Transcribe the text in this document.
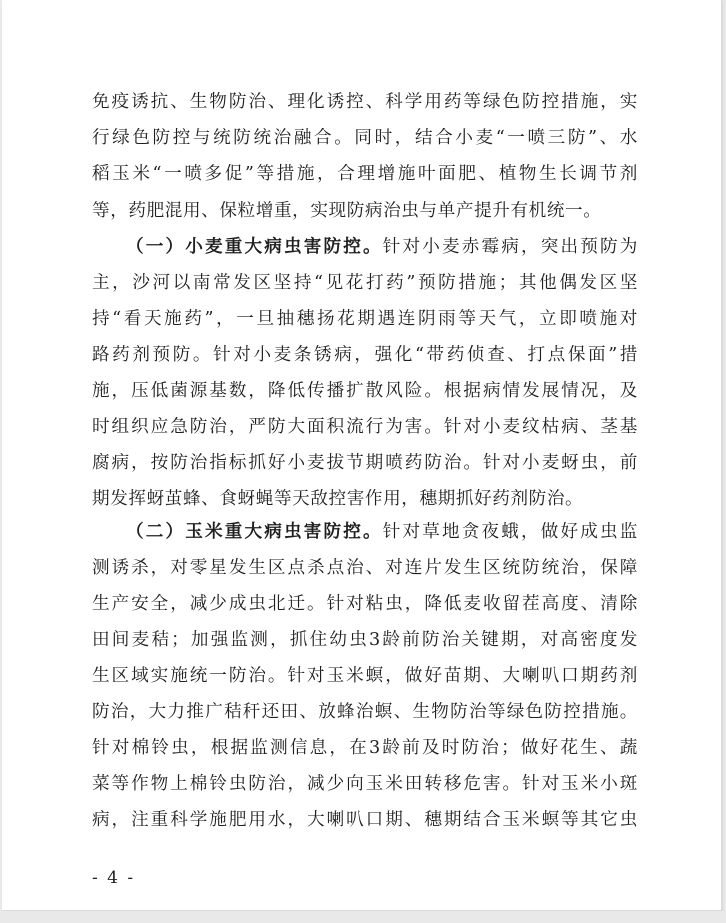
免疫诱抗、生物防治、理化诱控、科学用药等绿色防控措施，实
行绿色防控与统防统治融合。同时，结合小麦“一喷三防”、水
稻玉米“一喷多促”等措施，合理增施叶面肥、植物生长调节剂
等，药肥混用、保粒增重，实现防病治虫与单产提升有机统一。
（一）小麦重大病虫害防控。针对小麦赤霉病，突出预防为
主，沙河以南常发区坚持“见花打药”预防措施；其他偶发区坚
持“看天施药”，一旦抽穗扬花期遇连阴雨等天气，立即喷施对
路药剂预防。针对小麦条锈病，强化“带药侦查、打点保面”措
施，压低菌源基数，降低传播扩散风险。根据病情发展情况，及
时组织应急防治，严防大面积流行为害。针对小麦纹枯病、茎基
腐病，按防治指标抓好小麦拔节期喷药防治。针对小麦蚜虫，前
期发挥蚜茧蜂、食蚜蝇等天敌控害作用，穗期抓好药剂防治。
（二）玉米重大病虫害防控。针对草地贪夜蛾，做好成虫监
测诱杀，对零星发生区点杀点治、对连片发生区统防统治，保障
生产安全，减少成虫北迁。针对粘虫，降低麦收留茬高度、清除
田间麦秸；加强监测，抓住幼虫3龄前防治关键期，对高密度发
生区域实施统一防治。针对玉米螟，做好苗期、大喇叭口期药剂
防治，大力推广秸秆还田、放蜂治螟、生物防治等绿色防控措施。
针对棉铃虫，根据监测信息，在3龄前及时防治；做好花生、蔬
菜等作物上棉铃虫防治，减少向玉米田转移危害。针对玉米小斑
病，注重科学施肥用水，大喇叭口期、穗期结合玉米螟等其它虫
- 4 -
